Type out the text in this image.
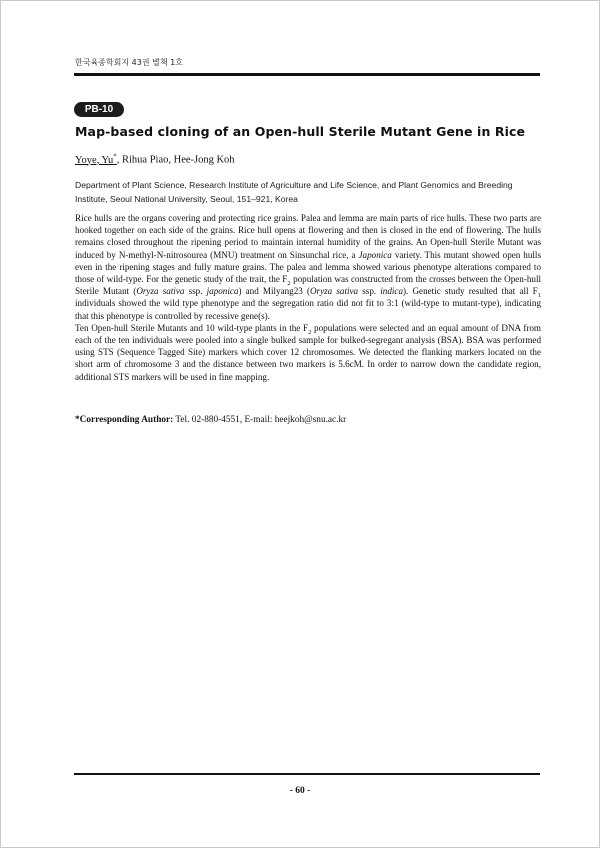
한국육종학회지 43권 별책 1호
PB-10
Map-based cloning of an Open-hull Sterile Mutant Gene in Rice
Yoye, Yu*, Rihua Piao, Hee-Jong Koh
Department of Plant Science, Research Institute of Agriculture and Life Science, and Plant Genomics and Breeding Institute, Seoul National University, Seoul, 151–921, Korea

Rice hulls are the organs covering and protecting rice grains. Palea and lemma are main parts of rice hulls. These two parts are hooked together on each side of the grains. Rice hull opens at flowering and then is closed in the end of flowering. The hulls remains closed throughout the ripening period to maintain internal humidity of the grains. An Open-hull Sterile Mutant was induced by N-methyl-N-nitrosourea (MNU) treatment on Sinsunchal rice, a Japonica variety. This mutant showed open hulls even in the ripening stages and fully mature grains. The palea and lemma showed various phenotype alterations compared to those of wild-type. For the genetic study of the trait, the $F_2$ population was constructed from the crosses between the Open-hull Sterile Mutant (Oryza sativa ssp. japonica) and Milyang23 (Oryza sativa ssp. indica). Genetic study resulted that all $F_1$ individuals showed the wild type phenotype and the segregation ratio did not fit to 3:1 (wild-type to mutant-type), indicating that this phenotype is controlled by recessive gene(s).

Ten Open-hull Sterile Mutants and 10 wild-type plants in the $F_2$ populations were selected and an equal amount of DNA from each of the ten individuals were pooled into a single bulked sample for bulked-segregant analysis (BSA). BSA was performed using STS (Sequence Tagged Site) markers which cover 12 chromosomes. We detected the flanking markers located on the short arm of chromosome 3 and the distance between two markers is 5.6cM. In order to narrow down the candidate region, additional STS markers will be used in fine mapping.

*Corresponding Author: Tel. 02-880-4551, E-mail: heejkoh@snu.ac.kr
- 60 -
